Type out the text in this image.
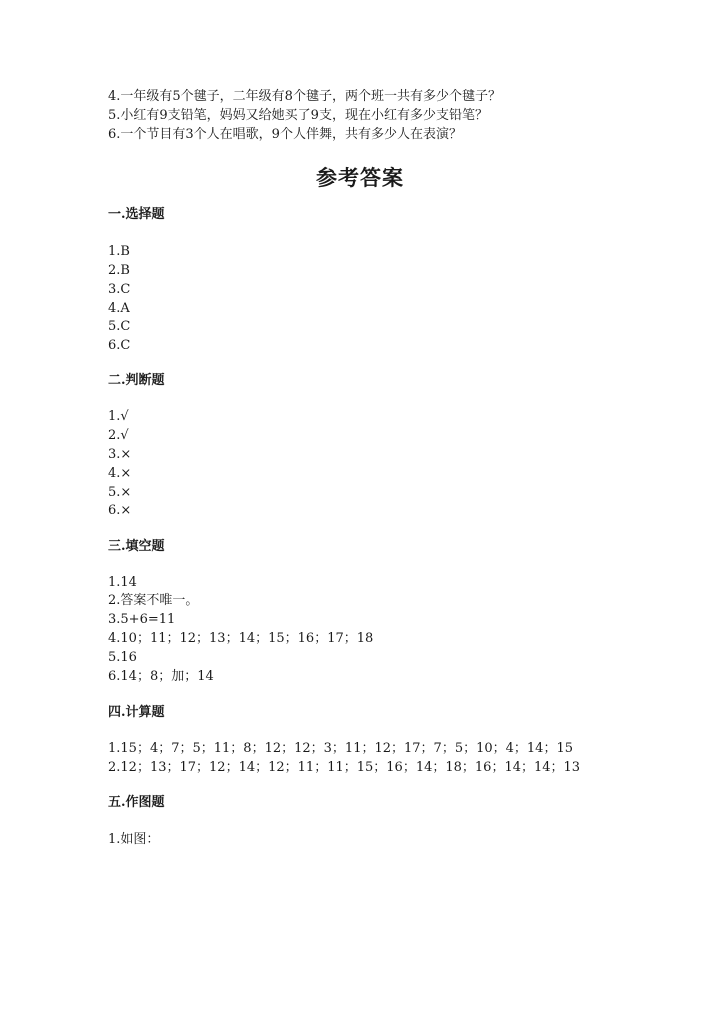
4.一年级有5个毽子，二年级有8个毽子，两个班一共有多少个毽子？
5.小红有9支铅笔，妈妈又给她买了9支，现在小红有多少支铅笔？
6.一个节目有3个人在唱歌，9个人伴舞，共有多少人在表演？
参考答案
一.选择题
1.B
2.B
3.C
4.A
5.C
6.C
二.判断题
1.√
2.√
3.×
4.×
5.×
6.×
三.填空题
1.14
2.答案不唯一。
3.5+6=11
4.10；11；12；13；14；15；16；17；18
5.16
6.14；8；加；14
四.计算题
1.15；4；7；5；11；8；12；12；3；11；12；17；7；5；10；4；14；15
2.12；13；17；12；14；12；11；11；15；16；14；18；16；14；14；13
五.作图题
1.如图：
